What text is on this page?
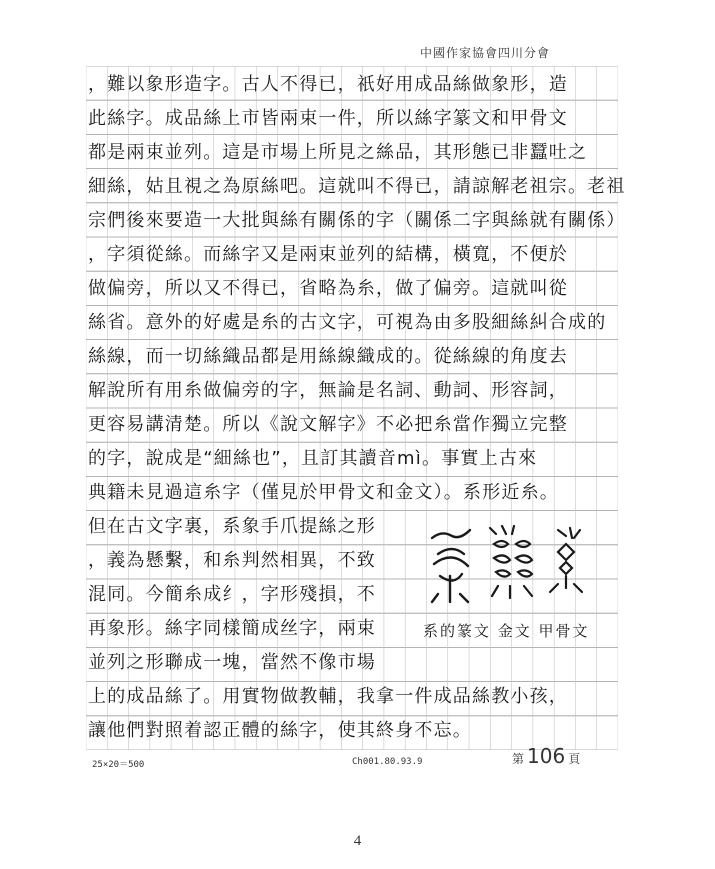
中國作家協會四川分會
，難以象形造字。古人不得已，祇好用成品絲做象形，造
此絲字。成品絲上市皆兩束一件，所以絲字篆文和甲骨文
都是兩束並列。這是市場上所見之絲品，其形態已非蠶吐之
細絲，姑且視之為原絲吧。這就叫不得已，請諒解老祖宗。老祖
宗們後來要造一大批與絲有關係的字（關係二字與絲就有關係）
，字須從絲。而絲字又是兩束並列的結構，橫寬，不便於
做偏旁，所以又不得已，省略為糸，做了偏旁。這就叫從
絲省。意外的好處是糸的古文字，可視為由多股細絲糾合成的
絲線，而一切絲織品都是用絲線織成的。從絲線的角度去
解說所有用糸做偏旁的字，無論是名詞、動詞、形容詞，
更容易講清楚。所以《說文解字》不必把糸當作獨立完整
的字，說成是“細絲也”，且訂其讀音mì。事實上古來
典籍未見過這糸字（僅見於甲骨文和金文）。系形近糸。
但在古文字裏，系象手爪提絲之形
，義為懸繫，和糸判然相異，不致
混同。今簡糸成纟，字形殘損，不
再象形。絲字同樣簡成丝字，兩束
並列之形聯成一塊，當然不像市場
上的成品絲了。用實物做教輔，我拿一件成品絲教小孩，
讓他們對照着認正體的絲字，使其終身不忘。
系的篆文 金文 甲骨文
25×20＝500	Ch001.80.93.9	第 106 頁
4
